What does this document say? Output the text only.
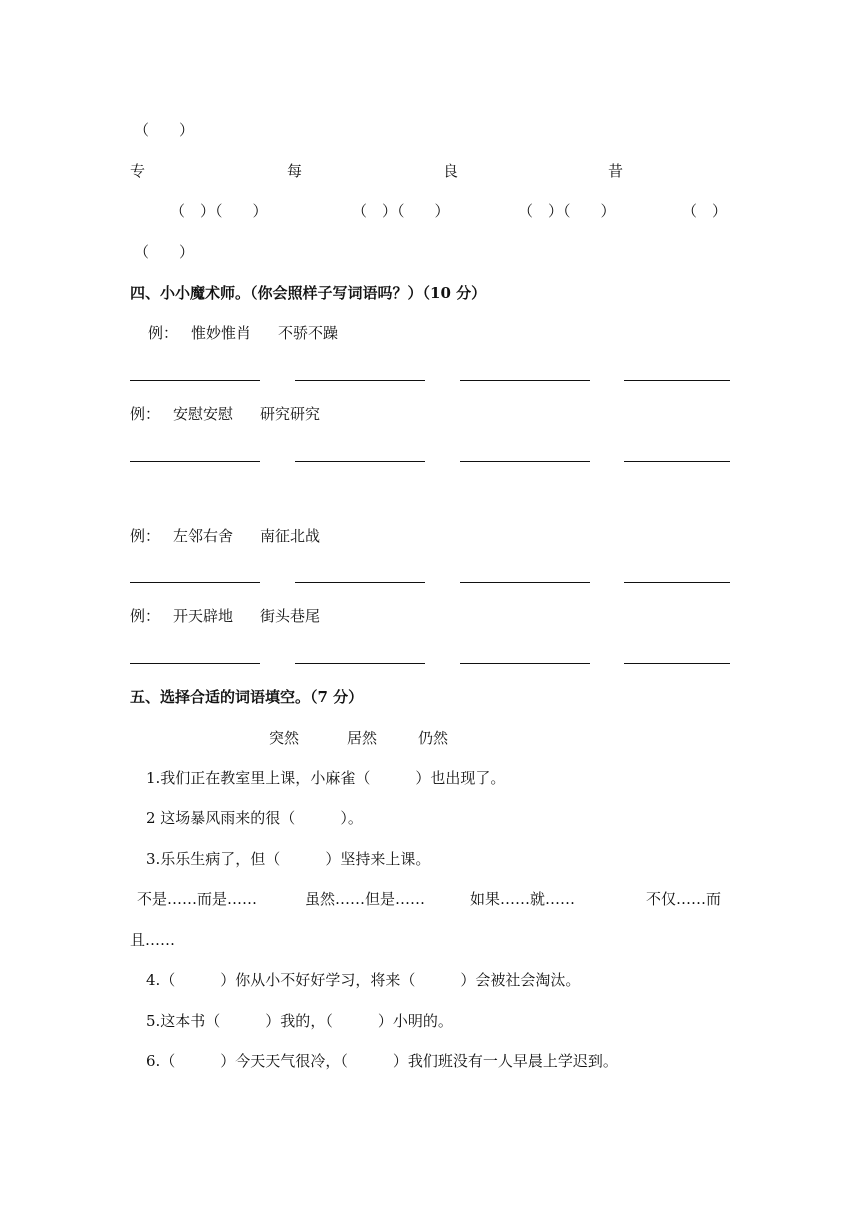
（　　）
专	每	良	昔
（　）（　　）	（　）（　　）	（　）（　　）	（　）
（　　）
四、小小魔术师。（你会照样子写词语吗？）（10 分）
例： 惟妙惟肖 不骄不躁
例： 安慰安慰 研究研究
例： 左邻右舍 南征北战
例： 开天辟地 街头巷尾
五、选择合适的词语填空。（7 分）
突然	居然	仍然
1.我们正在教室里上课，小麻雀（　　　）也出现了。
2 这场暴风雨来的很（　　　）。
3.乐乐生病了，但（　　　）坚持来上课。
不是……而是……	虽然……但是……	如果……就……	不仅……而
且……
4.（　　　）你从小不好好学习，将来（　　　）会被社会淘汰。
5.这本书（　　　）我的，（　　　）小明的。
6.（　　　）今天天气很冷，（　　　）我们班没有一人早晨上学迟到。
